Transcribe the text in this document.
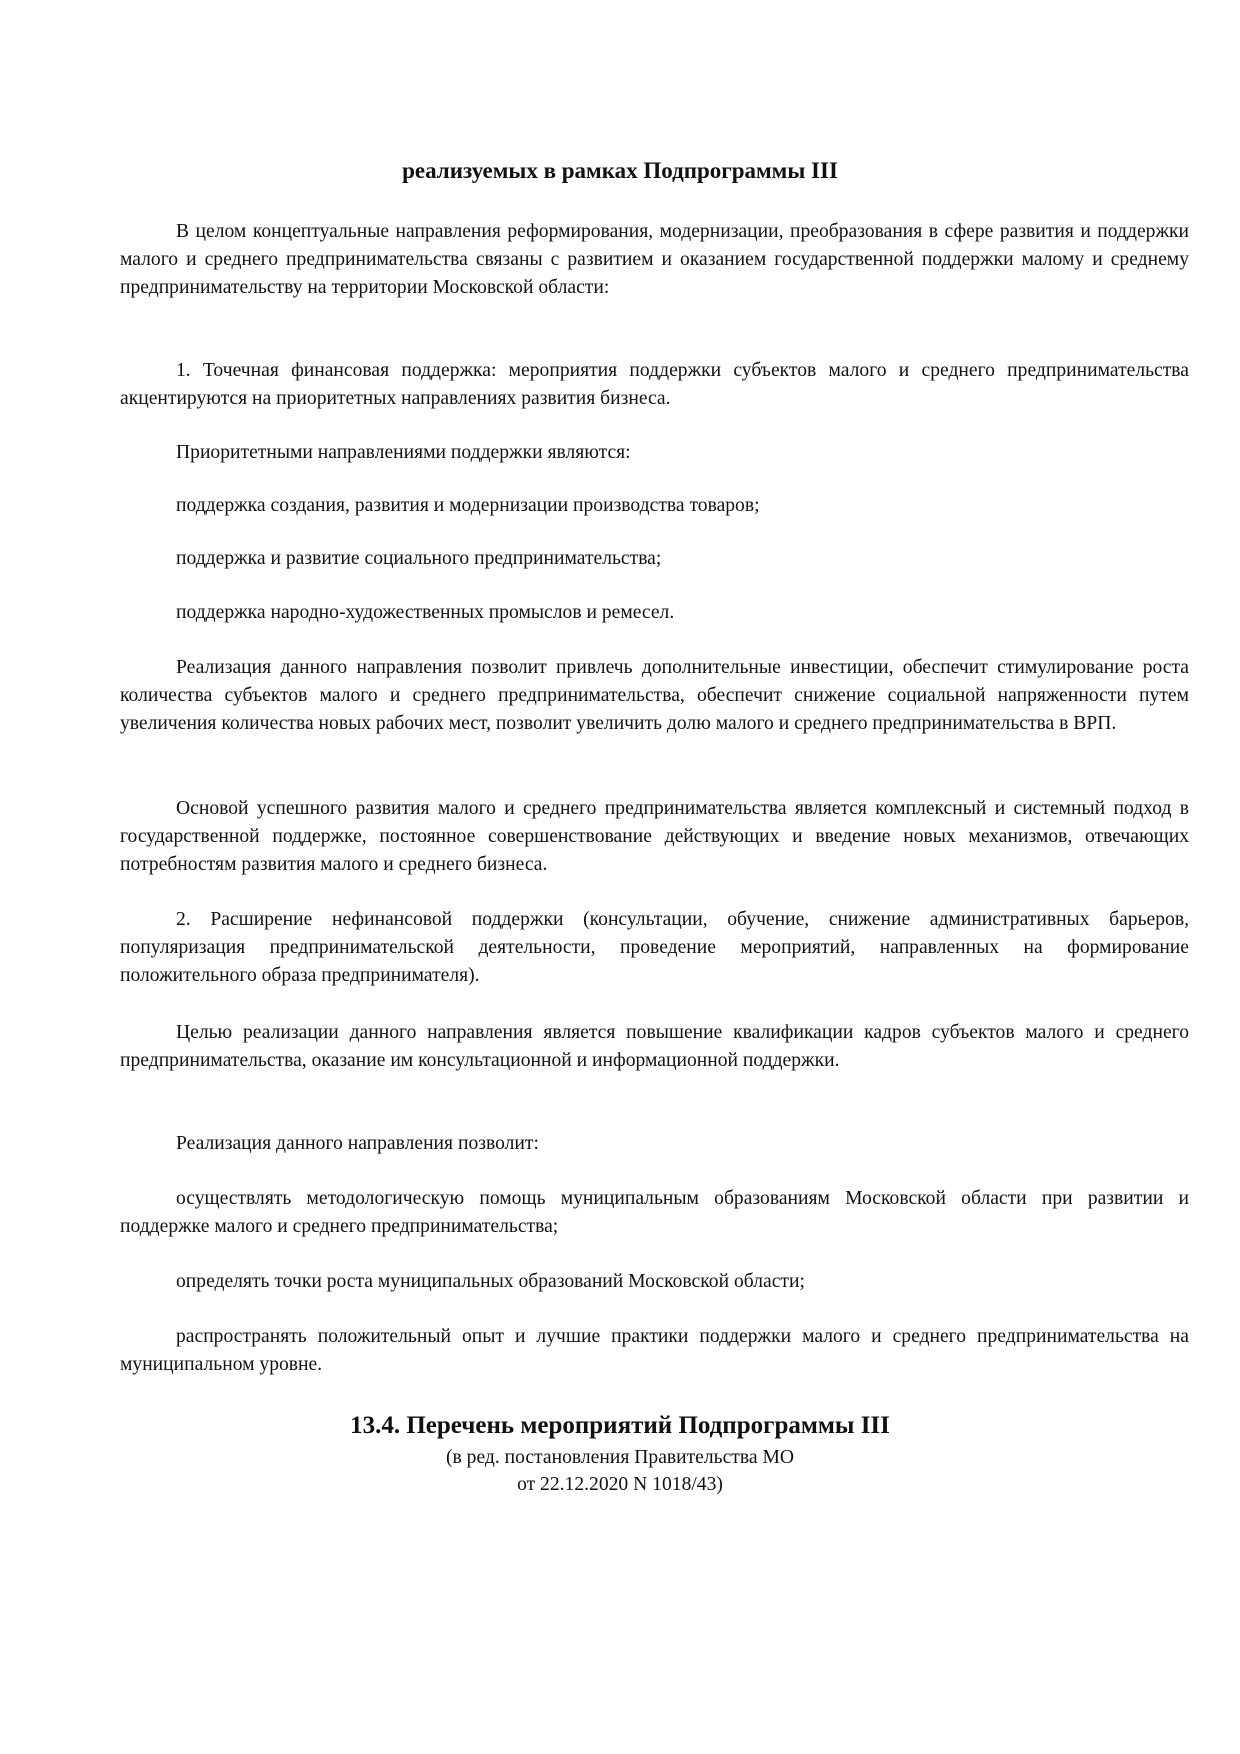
реализуемых в рамках Подпрограммы III

В целом концептуальные направления реформирования, модернизации, преобразования в сфере развития и поддержки малого и среднего предпринимательства связаны с развитием и оказанием государственной поддержки малому и среднему предпринимательству на территории Московской области:

1. Точечная финансовая поддержка: мероприятия поддержки субъектов малого и среднего предпринимательства акцентируются на приоритетных направлениях развития бизнеса.

Приоритетными направлениями поддержки являются:

поддержка создания, развития и модернизации производства товаров;

поддержка и развитие социального предпринимательства;

поддержка народно-художественных промыслов и ремесел.

Реализация данного направления позволит привлечь дополнительные инвестиции, обеспечит стимулирование роста количества субъектов малого и среднего предпринимательства, обеспечит снижение социальной напряженности путем увеличения количества новых рабочих мест, позволит увеличить долю малого и среднего предпринимательства в ВРП.

Основой успешного развития малого и среднего предпринимательства является комплексный и системный подход в государственной поддержке, постоянное совершенствование действующих и введение новых механизмов, отвечающих потребностям развития малого и среднего бизнеса.

2. Расширение нефинансовой поддержки (консультации, обучение, снижение административных барьеров, популяризация предпринимательской деятельности, проведение мероприятий, направленных на формирование положительного образа предпринимателя).

Целью реализации данного направления является повышение квалификации кадров субъектов малого и среднего предпринимательства, оказание им консультационной и информационной поддержки.

Реализация данного направления позволит:

осуществлять методологическую помощь муниципальным образованиям Московской области при развитии и поддержке малого и среднего предпринимательства;

определять точки роста муниципальных образований Московской области;

распространять положительный опыт и лучшие практики поддержки малого и среднего предпринимательства на муниципальном уровне.

13.4. Перечень мероприятий Подпрограммы III
(в ред. постановления Правительства МО
от 22.12.2020 N 1018/43)
